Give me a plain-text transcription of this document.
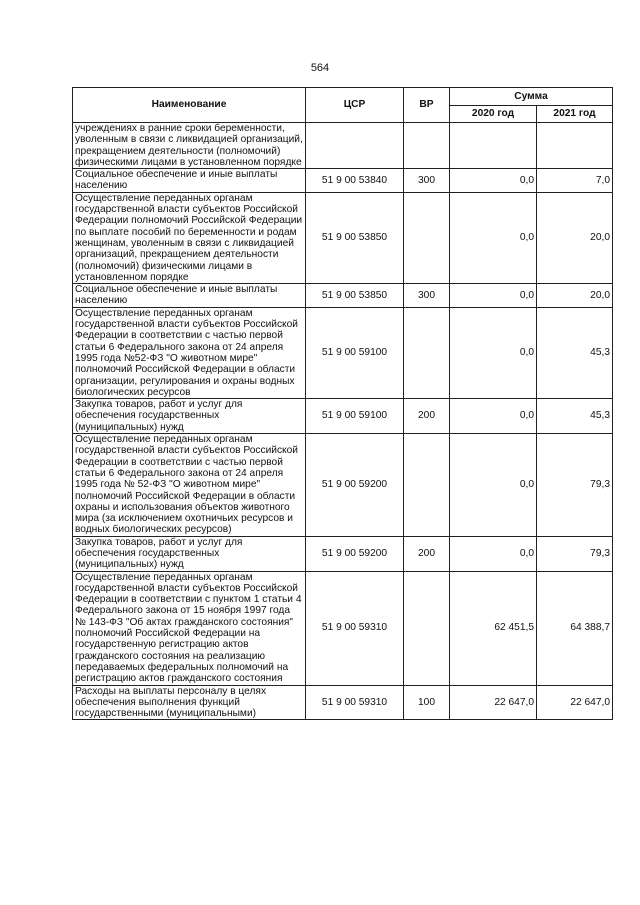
564
Наименование	ЦСР	ВР	Сумма	
			2020 год	2021 год
учреждениях в ранние сроки беременности, уволенным в связи с ликвидацией организаций, прекращением деятельности (полномочий) физическими лицами в установленном порядке				
Социальное обеспечение и иные выплаты населению	51 9 00 53840	300	0,0	7,0
Осуществление переданных органам государственной власти субъектов Российской Федерации полномочий Российской Федерации по выплате пособий по беременности и родам женщинам, уволенным в связи с ликвидацией организаций, прекращением деятельности (полномочий) физическими лицами в установленном порядке	51 9 00 53850		0,0	20,0
Социальное обеспечение и иные выплаты населению	51 9 00 53850	300	0,0	20,0
Осуществление переданных органам государственной власти субъектов Российской Федерации в соответствии с частью первой статьи 6 Федерального закона от 24 апреля 1995 года №52-ФЗ "О животном мире" полномочий Российской Федерации в области организации, регулирования и охраны водных биологических ресурсов	51 9 00 59100		0,0	45,3
Закупка товаров, работ и услуг для обеспечения государственных (муниципальных) нужд	51 9 00 59100	200	0,0	45,3
Осуществление переданных органам государственной власти субъектов Российской Федерации в соответствии с частью первой статьи 6 Федерального закона от 24 апреля 1995 года № 52-ФЗ "О животном мире" полномочий Российской Федерации в области охраны и использования объектов животного мира (за исключением охотничьих ресурсов и водных биологических ресурсов)	51 9 00 59200		0,0	79,3
Закупка товаров, работ и услуг для обеспечения государственных (муниципальных) нужд	51 9 00 59200	200	0,0	79,3
Осуществление переданных органам государственной власти субъектов Российской Федерации в соответствии с пунктом 1 статьи 4 Федерального закона от 15 ноября 1997 года № 143-ФЗ "Об актах гражданского состояния" полномочий Российской Федерации на государственную регистрацию актов гражданского состояния на реализацию передаваемых федеральных полномочий на регистрацию актов гражданского состояния	51 9 00 59310		62 451,5	64 388,7
Расходы на выплаты персоналу в целях обеспечения выполнения функций государственными (муниципальными)	51 9 00 59310	100	22 647,0	22 647,0
